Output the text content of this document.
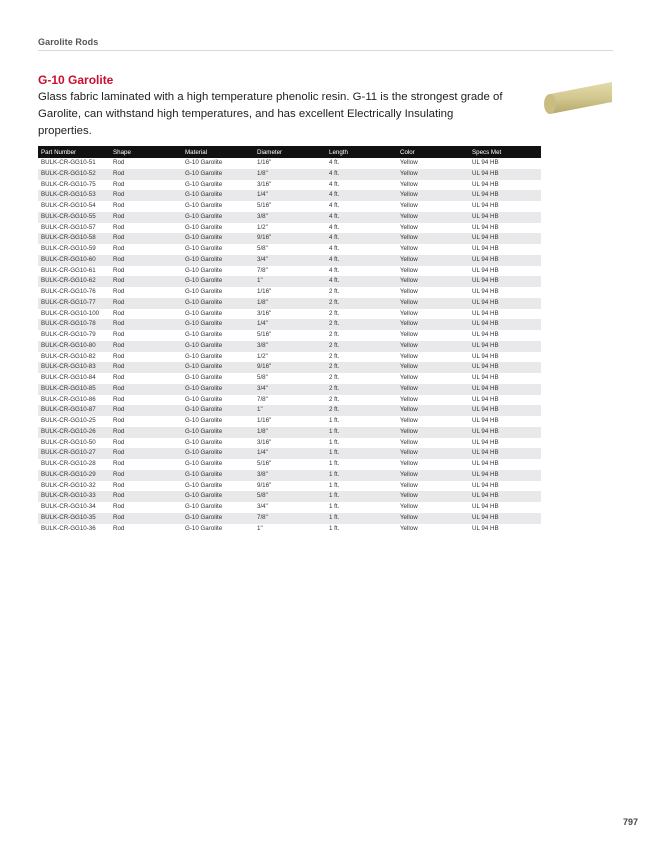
Garolite Rods
G-10 Garolite
Glass fabric laminated with a high temperature phenolic resin. G-11 is the strongest grade of Garolite, can withstand high temperatures, and has excellent Electrically Insulating properties.
Part Number	Shape	Material	Diameter	Length	Color	Specs Met
BULK-CR-GG10-51	Rod	G-10 Garolite	1/16"	4 ft.	Yellow	UL 94 HB
BULK-CR-GG10-52	Rod	G-10 Garolite	1/8"	4 ft.	Yellow	UL 94 HB
BULK-CR-GG10-75	Rod	G-10 Garolite	3/16"	4 ft.	Yellow	UL 94 HB
BULK-CR-GG10-53	Rod	G-10 Garolite	1/4"	4 ft.	Yellow	UL 94 HB
BULK-CR-GG10-54	Rod	G-10 Garolite	5/16"	4 ft.	Yellow	UL 94 HB
BULK-CR-GG10-55	Rod	G-10 Garolite	3/8"	4 ft.	Yellow	UL 94 HB
BULK-CR-GG10-57	Rod	G-10 Garolite	1/2"	4 ft.	Yellow	UL 94 HB
BULK-CR-GG10-58	Rod	G-10 Garolite	9/16"	4 ft.	Yellow	UL 94 HB
BULK-CR-GG10-59	Rod	G-10 Garolite	5/8"	4 ft.	Yellow	UL 94 HB
BULK-CR-GG10-60	Rod	G-10 Garolite	3/4"	4 ft.	Yellow	UL 94 HB
BULK-CR-GG10-61	Rod	G-10 Garolite	7/8"	4 ft.	Yellow	UL 94 HB
BULK-CR-GG10-62	Rod	G-10 Garolite	1"	4 ft.	Yellow	UL 94 HB
BULK-CR-GG10-76	Rod	G-10 Garolite	1/16"	2 ft.	Yellow	UL 94 HB
BULK-CR-GG10-77	Rod	G-10 Garolite	1/8"	2 ft.	Yellow	UL 94 HB
BULK-CR-GG10-100	Rod	G-10 Garolite	3/16"	2 ft.	Yellow	UL 94 HB
BULK-CR-GG10-78	Rod	G-10 Garolite	1/4"	2 ft.	Yellow	UL 94 HB
BULK-CR-GG10-79	Rod	G-10 Garolite	5/16"	2 ft.	Yellow	UL 94 HB
BULK-CR-GG10-80	Rod	G-10 Garolite	3/8"	2 ft.	Yellow	UL 94 HB
BULK-CR-GG10-82	Rod	G-10 Garolite	1/2"	2 ft.	Yellow	UL 94 HB
BULK-CR-GG10-83	Rod	G-10 Garolite	9/16"	2 ft.	Yellow	UL 94 HB
BULK-CR-GG10-84	Rod	G-10 Garolite	5/8"	2 ft.	Yellow	UL 94 HB
BULK-CR-GG10-85	Rod	G-10 Garolite	3/4"	2 ft.	Yellow	UL 94 HB
BULK-CR-GG10-86	Rod	G-10 Garolite	7/8"	2 ft.	Yellow	UL 94 HB
BULK-CR-GG10-87	Rod	G-10 Garolite	1"	2 ft.	Yellow	UL 94 HB
BULK-CR-GG10-25	Rod	G-10 Garolite	1/16"	1 ft.	Yellow	UL 94 HB
BULK-CR-GG10-26	Rod	G-10 Garolite	1/8"	1 ft.	Yellow	UL 94 HB
BULK-CR-GG10-50	Rod	G-10 Garolite	3/16"	1 ft.	Yellow	UL 94 HB
BULK-CR-GG10-27	Rod	G-10 Garolite	1/4"	1 ft.	Yellow	UL 94 HB
BULK-CR-GG10-28	Rod	G-10 Garolite	5/16"	1 ft.	Yellow	UL 94 HB
BULK-CR-GG10-29	Rod	G-10 Garolite	3/8"	1 ft.	Yellow	UL 94 HB
BULK-CR-GG10-32	Rod	G-10 Garolite	9/16"	1 ft.	Yellow	UL 94 HB
BULK-CR-GG10-33	Rod	G-10 Garolite	5/8"	1 ft.	Yellow	UL 94 HB
BULK-CR-GG10-34	Rod	G-10 Garolite	3/4"	1 ft.	Yellow	UL 94 HB
BULK-CR-GG10-35	Rod	G-10 Garolite	7/8"	1 ft.	Yellow	UL 94 HB
BULK-CR-GG10-36	Rod	G-10 Garolite	1"	1 ft.	Yellow	UL 94 HB
797
